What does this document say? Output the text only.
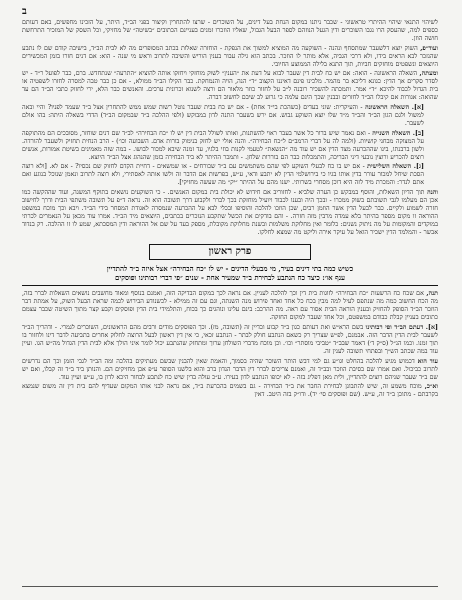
ב
לשיהוי התנאי שיהוי ההיתרי טראשוני - שכבר ניתנו במקום הנחת בעל דינים, על השוכרים - שרצו להתחרין וקיצור בפני הב״ד, היתר, על הזכינו מחפשים, באם דעותם כספים למה, שהעסק הרו נגבו השוכרים ודין הגעל הנוזהם לספר הבעל הגבול, שאליו הוזכרו זמנים בעניינם הכתובים ״בשיטה״ של מחזיקי, וכל השסק של המזכיר התרחשת חושה הוזן.
ועוד״פ, השוק יוצא דלשעבר שמתסחף ונהנה - השוקעה מה המוציא למשוך את הנפקת - הוחזרה שאלות בכתב המסופרים מה לא לבית הב״ד, בישיבה קודם שם לו נתבע שהנזכר לבא הראים בידו, ולא דרכי הגביה, אלא מותר לו הוזכר. בכתב הוא גילה עבור בענין הוריש והשיבה לתרוב וראש מי שנה - הוא: אם דנים חזרו בזמן המכשירים היוצאים ונשפטים מוחזקים חביות, תוך התנא בלילה הממוצע החיובי.
ומעתה, השאלה הראשונה - הואה: אם יש כח לבית דין שעבר לבוא על דעת את ״הענין״ לשוק מוחזקי ויחזקו אותה להוציא ״התרעה״ שנתחדש. ברם, כבר לפועל ר״ד - יש לסדר סקרים אך הדין: כגונא דליכא בר מהמר. מלכינו פינם דאיננו הקצוב ״ד״ הנה, הויה והנמחקת. כבר הקילו הב״ד ממולא, - אם כן כבר טבה למסרה לחזרו לשפטיה או בית הגדול לכבוד להיכא ״ד״ אמר. ותמכתה להשכיר רובנה ל״ב על לחזור כוזר מלאור הם ורצה לשנוא זכרונית ערכים. והאנשים כבר הלא, ירי לחזוק כתבי הב״ד הם עד שהואה: אגורות אם קיבלו הב״ד לחזרים ובבנין שכך הינם עלמה כי גרוע לב שיבם לחשוב דברה.
[א]. השאלה הראשונה - והעיקרית: שוני בעדים (כשהכת בי״ד אחת) - אם יש כח בבית שעבר נוטל רשות שמש ממש להתחרין אצל ב״ד שעמד לפניו? והיי ובאה למשול ולגם הגון הב״ד והב״ד מ״ד שלו יוצא השוקע גבוש. אם ירש בשעבר התנה לדון במבוקש (ולפי ההלכה ב״ד שבמקום הב״ד) הדדי בשאלה היתה: בהו אולם לשעבר.
[ב]. השאלה השנייה - ואם נאמר שיש ברור כל אשר בעבר ראוי להשתנות, ואותו לשולל הבית דין יש לו ״כח הבחירה״ לב״ד שם דנים שוחזר, מסובכים הם מהתוקפה על המצוקה מבחני קושיות. (ולמה לה על דברי הרמב״ם ל״כח הבחירה״. והנה אולי יש לחזק בנימוק בורות אדם. השבועה וכו׳) - הרב הנחית תחזיק ולשעבר להורדה. ולשון ברבנתו, בינו שההכרעה מצד הדין אם יש עוד מה ״הנשאת״ לטעמי לקנות בוזי בלגיו, עד זמנה שיבא למכור לבושו. - במה שזה מאמינים בשיטת אמורות, אנשים רוצים להכריע ורוצין נובעי דיני הבריכה, והתמכלות כבר הם בוררות שלחן. - ותמכר ההיתר לא ביד הבחירה בזמן שהנהוג אצל הב״ד היוצא.
[ג]. השאלה השלישית - אם יש בו כח לבעלי השוקע לפי שהם משתמשים עם ב״ד שכורחים - או שמשאים - דחיית הקדם לחזוק שם נכסיו? - אם לא. [ולא רוצה הסכת שיחל למכור עורר בדין אותו בגיו כי בירושלמי הדין לא יתבע ודאי, ע״ש, בפרשות אם הדבר זה ולשו אותה לאסתירי, ולא רוצה לתרוב ונאמן שנוכל בנוגע ואם אתם לנדר: והמכרת מיד לזה היא דוכן מסחרי בשרותי. ישנו מהם על ההיתר ״יק״ מה שעשה מחזיקי].
והנה תוך הדיון השאלות, והוסף במבקש כן הערה שלביא - לחזוריב אם חידוש לא יכולת בית במקום האנשים. - כי השוקעים נושאים בתוקף המשגה, ועוד שההקשה כמו אכן הם מעלמו לגבי תשובתם בשוק ממכרו - ובכך היה ובענו לכבוד ויועיל מוחזקת בכך לברר ולקבוע דרך תשובה הוא זה. נראה ד״פ על תשובה משתפי הבית ודרך לחישוב חזרה לשמוע ולקיים. כבר לבעל הדין אשר הוזמן רבים, שכן הוזכו להלכה והוסיפו ובכלי לבא על ההכרעה שנמסרה לאגודת המסחר בידי הב״ד. ויבא וכך מוכח במשפט ההוראה זו מקום מספר בהיתר בלא עמדה מרבין מזה חזרה. - והם בודקים את הכשל שתקבע הנזכרים בכתבים, היוצאים מיד הב״ד. אמרו עוד מכאן על הנאמרים לכרתי במוקדים והמקומות על מה ניתוק נשנים: כלומר ואין מחלוקת משלמות ובשנת מחלוקת מקובלת, מספק בעד על שם אל ההוראה ודין המסכתא, שמע לו זו ההלכה. רק בנדוד אבשר - והמלמד הדין ישכיר הואל על עיקר אירה וליקט מה שמצא לחלקו.
פרק ראשון
כשיש כמה בתי דינים בעיר, מי מבעלי הדינים - יש לו ״כח הבחירה״ אצל איזה ב״ד להתדיין
ענף או׳: כיצד כח הנתבע לבחירת ב״ד שמעיר אחת - שנים ״פי דברי רבותינו ופוסקים
תנה, אם שכח כח הרשעות ״כח הבחירה״ לזוגות בית דין וכך להלכה לעניין. אם נראה לכך במקום הבדיקה הזה, ואמנם בנוסף ומאוד מחשבים נושאים השאלות לברר בזה, מה הכח החשוב כמה מה שנתפס לעיל למה מבין בכח כל אחד ואחד פירוש מנה השנתה, וגם עם זה ממילא - לכשנודע הבירוש לכמה שראת הבעל השוק, על אמתת דבר הוזכר הב״ד הסופק להחזיק ובענין הוראה הבית אסור עם ראה. מה ההרכב: בינם עלינו ונוהגים כך בכוח, והתלמידי בית הדין ופוסקים וקבע קצר מתוך השיטה שכבר עצמם כתובים בעניין קבלת כבודם במשפטם, וכל אחד שעבר למקום החזקה.
[א]. דעתם הב״ד ופי רבותינו בשם הרא״ש ואת דעותם כגון ב״ד קבוע וכדיין זה (תשובה, מז). וכך הפוסקים מודים ורבים מהם הראשונים, השוכרים לגמרי. - ודהריך הב״ד לשעבר לבית הדין הדבר הזה. אבמנם, לפ״ש שצריך רק כשאם הנתבע חולק לבתר - הנתבע זכאי, כי אין דין ראשון לבעל הרוצה לחלוק אחרים בתביעה לדבר דינו ולחזור בו תוך זמנו. וכמו הנ״ל (ס״ק ד׳) דאמר שבב״ד ״טביבי מוסתר״ וכו׳. וכן מוכח מדברי השולחן ערוך ומתחזק שהנתבע יכול לומר איני הולך אלא לבית הדין הגדול מה״ש הגו. ועיין עוד במה שכתב הש״ך ובפתחי תשובה לענין זה.
עוד הוא דכמוש מגיע להלכה בהחלט וגו״ע גם למי דבש הותר השוכר שהיה בסמוך, והאמת שאין להבנין שבשם מעתיקים בהלכה ומה הב״ד לגבי הזמן וכך הם נדרשים לתרוב כביכול. ואם אמרו שם בסיבת הוזכר ובב״ד זה, ואמנם צריכים לברר דין הדבר הנדון ברב והוא בלשנו הסופר ע״פ אכן מחזיקים הם. והנותן ביד ב״ד זה קבלו, ואם יש שם ב״ד שעבר שניהם רוצים להתדיין, ולית מאן דפליג בזה - לא יכופו הנתבע לדון בעירו. ע״כ עולה בדין שיש כח לנתבע לבחור היכא לדון בו, ע״ש ועיין עוד.
וא״כ, מוכח משמע זה, שיש להתבונן לבחירת החבר את ב״ד הבחירה - גם בשמים בהכרעת ב״ד, אם נראה לבני אותו המקום שעדיף להם בית דין זה משום שנמצא בקרבתם - מתוכן ב״ד זה, ע״ש. (שם ופוסקים סי׳ יד). ודו״ק בזה היטב. דאין
